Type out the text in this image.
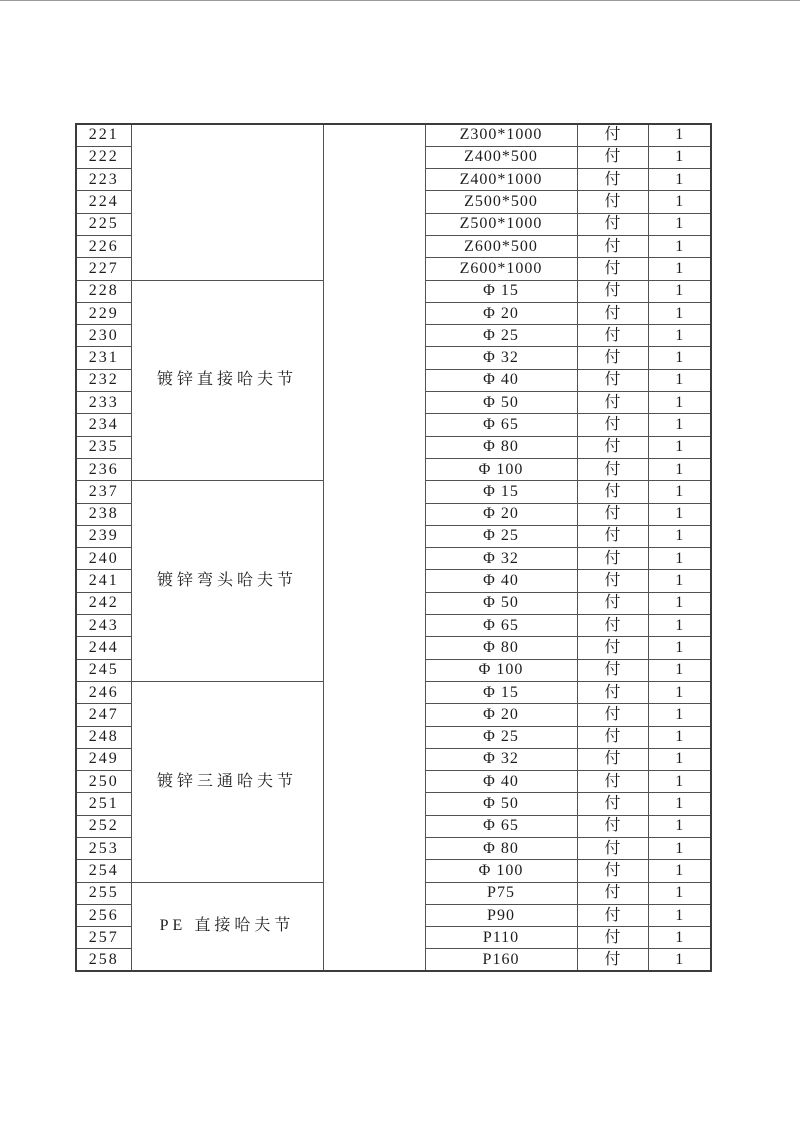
221			Z300*1000	付	1
222			Z400*500	付	1
223			Z400*1000	付	1
224			Z500*500	付	1
225			Z500*1000	付	1
226			Z600*500	付	1
227			Z600*1000	付	1
228	镀锌直接哈夫节		Φ 15	付	1
229			Φ 20	付	1
230			Φ 25	付	1
231			Φ 32	付	1
232			Φ 40	付	1
233			Φ 50	付	1
234			Φ 65	付	1
235			Φ 80	付	1
236			Φ 100	付	1
237	镀锌弯头哈夫节		Φ 15	付	1
238			Φ 20	付	1
239			Φ 25	付	1
240			Φ 32	付	1
241			Φ 40	付	1
242			Φ 50	付	1
243			Φ 65	付	1
244			Φ 80	付	1
245			Φ 100	付	1
246	镀锌三通哈夫节		Φ 15	付	1
247			Φ 20	付	1
248			Φ 25	付	1
249			Φ 32	付	1
250			Φ 40	付	1
251			Φ 50	付	1
252			Φ 65	付	1
253			Φ 80	付	1
254			Φ 100	付	1
255	PE 直接哈夫节		P75	付	1
256			P90	付	1
257			P110	付	1
258			P160	付	1
